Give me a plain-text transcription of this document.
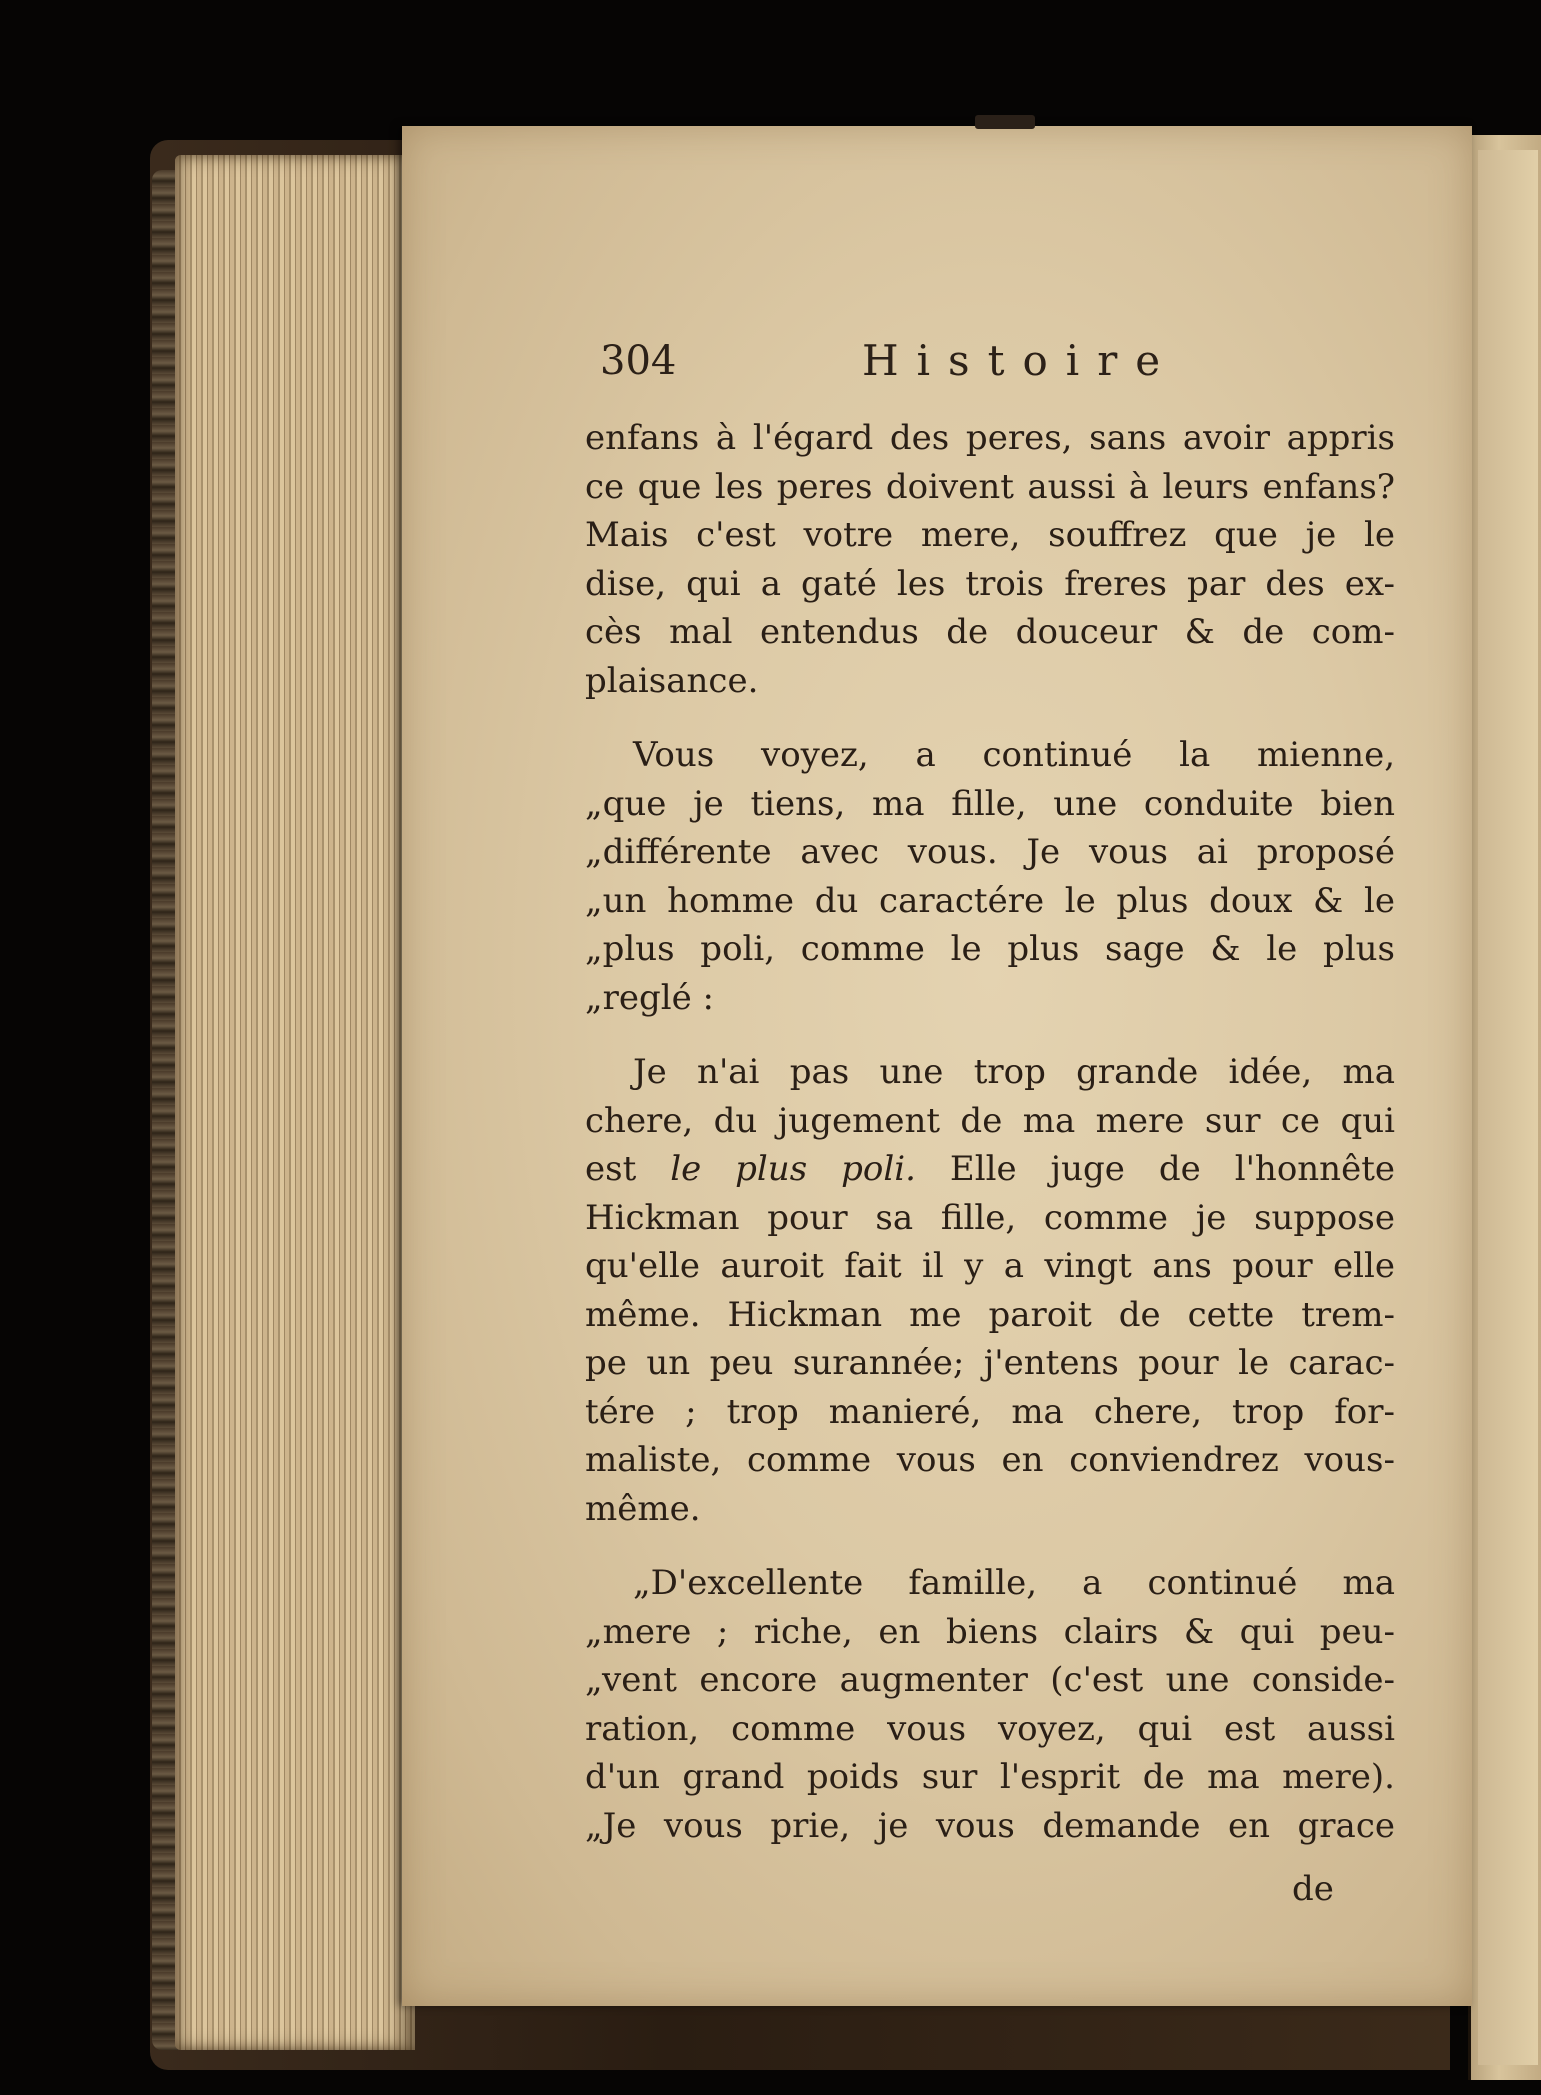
304	Histoire
enfans à l'égard des peres, sans avoir appris
ce que les peres doivent aussi à leurs enfans?
Mais c'est votre mere, souffrez que je le
dise, qui a gaté les trois freres par des ex-
cès mal entendus de douceur & de com-
plaisance.
Vous voyez, a continué la mienne,
„que je tiens, ma fille, une conduite bien
„différente avec vous. Je vous ai proposé
„un homme du caractére le plus doux & le
„plus poli, comme le plus sage & le plus
„reglé :
Je n'ai pas une trop grande idée, ma
chere, du jugement de ma mere sur ce qui
est le plus poli. Elle juge de l'honnête
Hickman pour sa fille, comme je suppose
qu'elle auroit fait il y a vingt ans pour elle
même. Hickman me paroit de cette trem-
pe un peu surannée; j'entens pour le carac-
tére ; trop manieré, ma chere, trop for-
maliste, comme vous en conviendrez vous-
même.
„D'excellente famille, a continué ma
„mere ; riche, en biens clairs & qui peu-
„vent encore augmenter (c'est une conside-
ration, comme vous voyez, qui est aussi
d'un grand poids sur l'esprit de ma mere).
„Je vous prie, je vous demande en grace
de
